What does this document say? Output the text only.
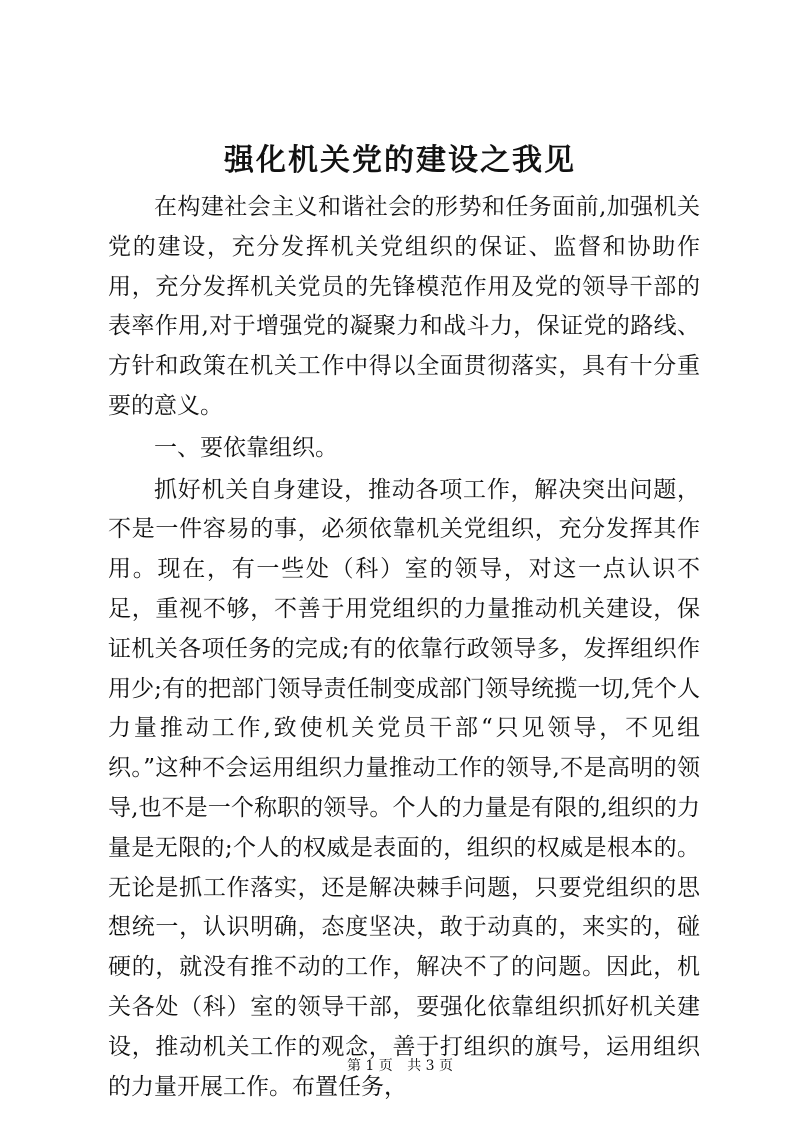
强化机关党的建设之我见

在构建社会主义和谐社会的形势和任务面前,加强机关党的建设，充分发挥机关党组织的保证、监督和协助作用，充分发挥机关党员的先锋模范作用及党的领导干部的表率作用,对于增强党的凝聚力和战斗力，保证党的路线、方针和政策在机关工作中得以全面贯彻落实，具有十分重要的意义。

一、要依靠组织。

抓好机关自身建设，推动各项工作，解决突出问题，不是一件容易的事，必须依靠机关党组织，充分发挥其作用。现在，有一些处（科）室的领导，对这一点认识不足，重视不够，不善于用党组织的力量推动机关建设，保证机关各项任务的完成;有的依靠行政领导多，发挥组织作用少;有的把部门领导责任制变成部门领导统揽一切,凭个人力量推动工作,致使机关党员干部“只见领导，不见组织。”这种不会运用组织力量推动工作的领导,不是高明的领导,也不是一个称职的领导。个人的力量是有限的,组织的力量是无限的;个人的权威是表面的，组织的权威是根本的。无论是抓工作落实，还是解决棘手问题，只要党组织的思想统一，认识明确，态度坚决，敢于动真的，来实的，碰硬的，就没有推不动的工作，解决不了的问题。因此，机关各处（科）室的领导干部，要强化依靠组织抓好机关建设，推动机关工作的观念，善于打组织的旗号，运用组织的力量开展工作。布置任务，

第 1 页 共 3 页
